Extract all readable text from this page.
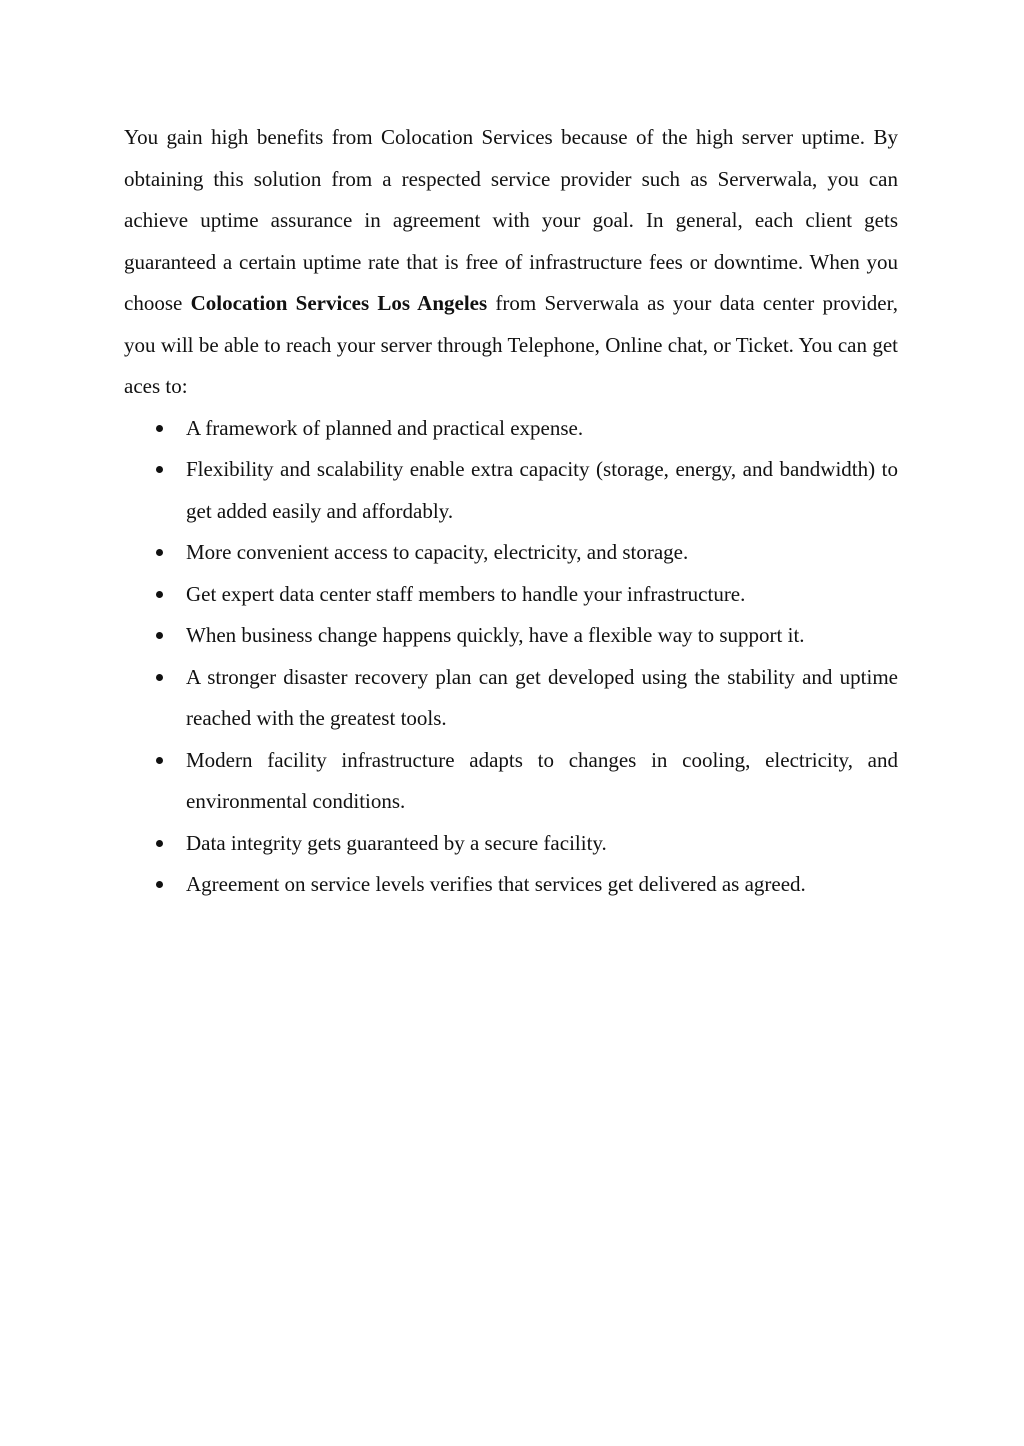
You gain high benefits from Colocation Services because of the high server uptime. By obtaining this solution from a respected service provider such as Serverwala, you can achieve uptime assurance in agreement with your goal. In general, each client gets guaranteed a certain uptime rate that is free of infrastructure fees or downtime. When you choose Colocation Services Los Angeles from Serverwala as your data center provider, you will be able to reach your server through Telephone, Online chat, or Ticket. You can get aces to:

A framework of planned and practical expense.
Flexibility and scalability enable extra capacity (storage, energy, and bandwidth) to get added easily and affordably.
More convenient access to capacity, electricity, and storage.
Get expert data center staff members to handle your infrastructure.
When business change happens quickly, have a flexible way to support it.
A stronger disaster recovery plan can get developed using the stability and uptime reached with the greatest tools.
Modern facility infrastructure adapts to changes in cooling, electricity, and environmental conditions.
Data integrity gets guaranteed by a secure facility.
Agreement on service levels verifies that services get delivered as agreed.
